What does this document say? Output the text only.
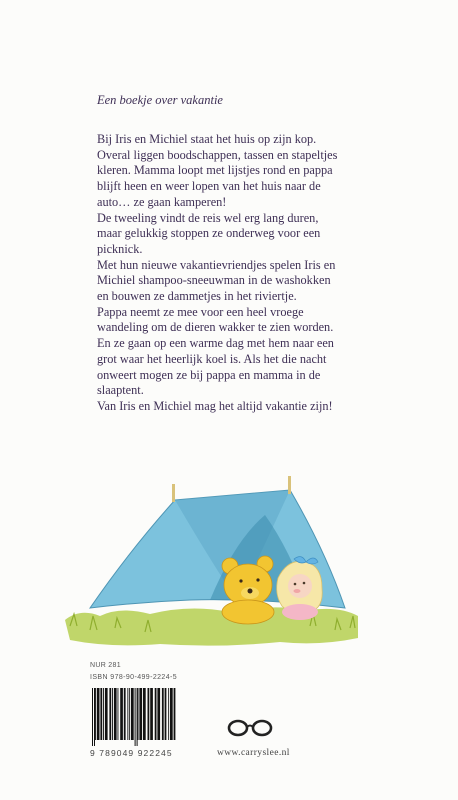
Een boekje over vakantie
Bij Iris en Michiel staat het huis op zijn kop.
Overal liggen boodschappen, tassen en stapeltjes
kleren. Mamma loopt met lijstjes rond en pappa
blijft heen en weer lopen van het huis naar de
auto… ze gaan kamperen!
De tweeling vindt de reis wel erg lang duren,
maar gelukkig stoppen ze onderweg voor een
picknick.
Met hun nieuwe vakantievriendjes spelen Iris en
Michiel shampoo-sneeuwman in de washokken
en bouwen ze dammetjes in het riviertje.
Pappa neemt ze mee voor een heel vroege
wandeling om de dieren wakker te zien worden.
En ze gaan op een warme dag met hem naar een
grot waar het heerlijk koel is. Als het die nacht
onweert mogen ze bij pappa en mamma in de
slaaptent.
Van Iris en Michiel mag het altijd vakantie zijn!
NUR 281
ISBN 978-90-499-2224-5
9 789049 922245	www.carryslee.nl
